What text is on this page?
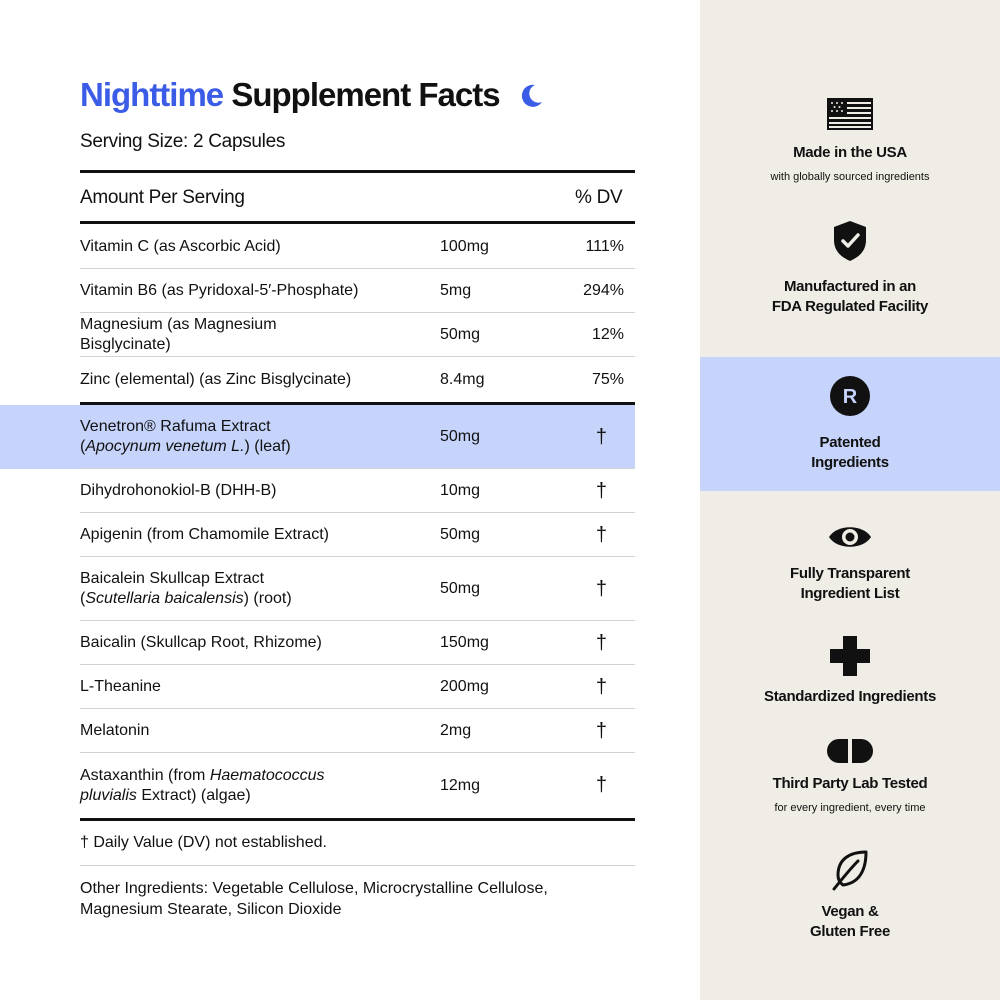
Nighttime Supplement Facts
Serving Size: 2 Capsules
Amount Per Serving	% DV
Vitamin C (as Ascorbic Acid)	100mg	111%
Vitamin B6 (as Pyridoxal-5′-Phosphate)	5mg	294%
Magnesium (as Magnesium Bisglycinate)
50mg	12%
Zinc (elemental) (as Zinc Bisglycinate)	8.4mg	75%
Venetron® Rafuma Extract
(Apocynum venetum L.) (leaf)
50mg	†
Dihydrohonokiol-B (DHH-B)	10mg	†
Apigenin (from Chamomile Extract)	50mg	†
Baicalein Skullcap Extract
(Scutellaria baicalensis) (root)
50mg	†
Baicalin (Skullcap Root, Rhizome)	150mg	†
L-Theanine	200mg	†
Melatonin	2mg	†
Astaxanthin (from Haematococcus
pluvialis Extract) (algae)
12mg	†
† Daily Value (DV) not established.
Other Ingredients: Vegetable Cellulose, Microcrystalline Cellulose, Magnesium Stearate, Silicon Dioxide
Made in the USA
with globally sourced ingredients
Manufactured in an
FDA Regulated Facility
R
Patented
Ingredients
Fully Transparent
Ingredient List
Standardized Ingredients
Third Party Lab Tested
for every ingredient, every time
Vegan &
Gluten Free
